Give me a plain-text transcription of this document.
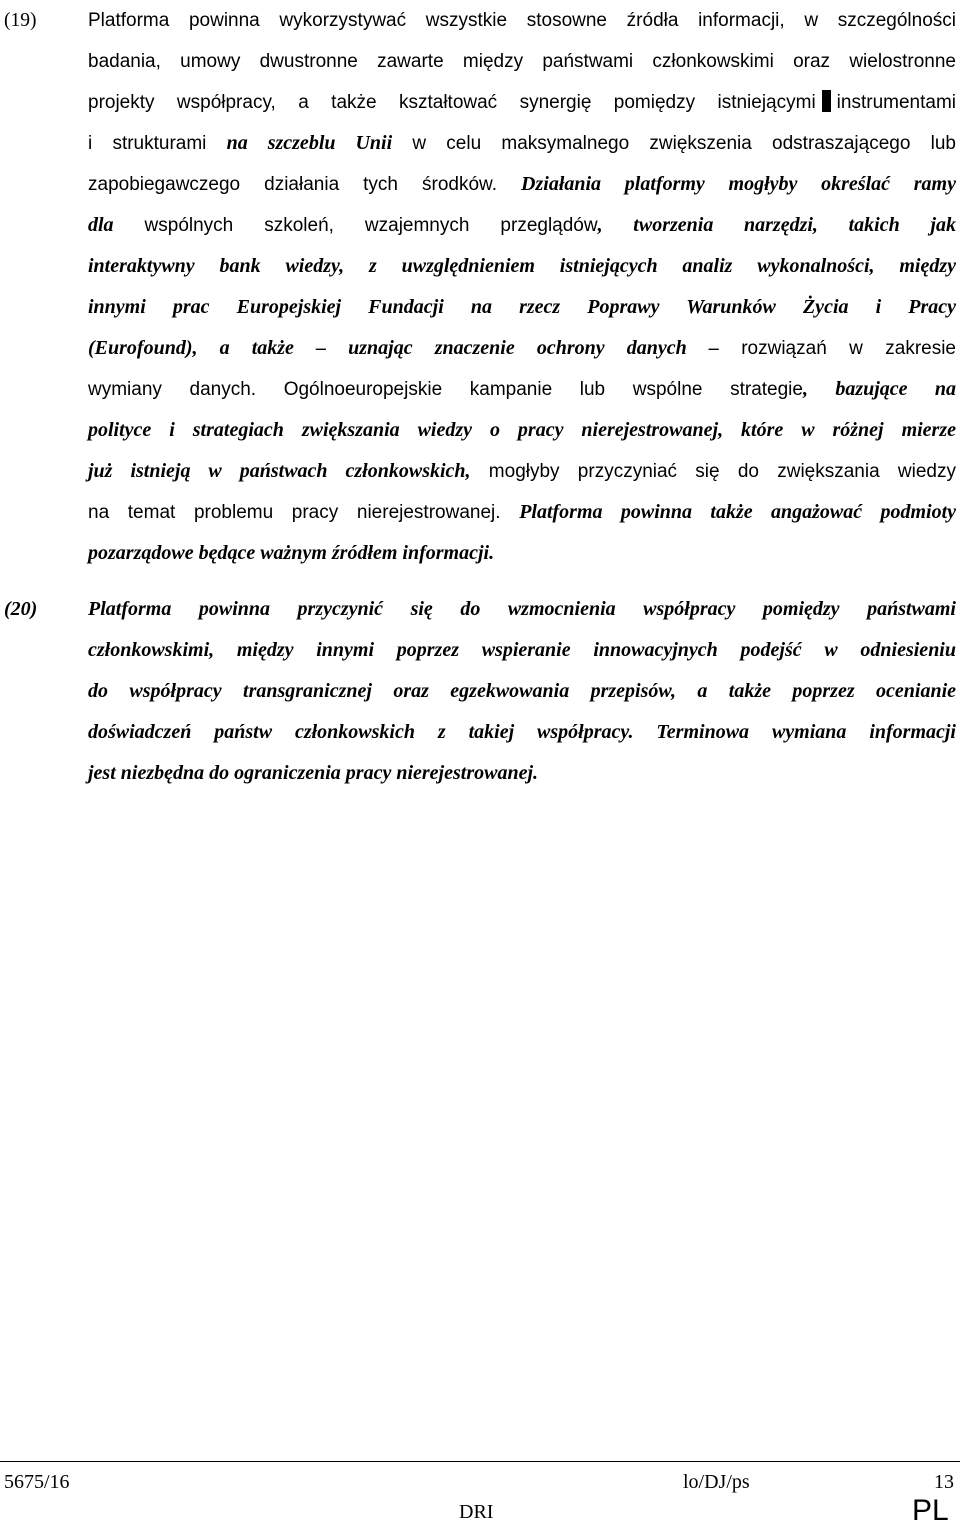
(19)	Platforma powinna wykorzystywać wszystkie stosowne źródła informacji, w szczególności
badania, umowy dwustronne zawarte między państwami członkowskimi oraz wielostronne
projekty współpracy, a także kształtować synergię pomiędzy istniejącymi instrumentami
i strukturami na szczeblu Unii w celu maksymalnego zwiększenia odstraszającego lub
zapobiegawczego działania tych środków. Działania platformy mogłyby określać ramy
dla wspólnych szkoleń, wzajemnych przeglądów, tworzenia narzędzi, takich jak
interaktywny bank wiedzy, z uwzględnieniem istniejących analiz wykonalności, między
innymi prac Europejskiej Fundacji na rzecz Poprawy Warunków Życia i Pracy
(Eurofound), a także – uznając znaczenie ochrony danych – rozwiązań w zakresie
wymiany danych. Ogólnoeuropejskie kampanie lub wspólne strategie, bazujące na
polityce i strategiach zwiększania wiedzy o pracy nierejestrowanej, które w różnej mierze
już istnieją w państwach członkowskich, mogłyby przyczyniać się do zwiększania wiedzy
na temat problemu pracy nierejestrowanej. Platforma powinna także angażować podmioty
pozarządowe będące ważnym źródłem informacji.
(20)	Platforma powinna przyczynić się do wzmocnienia współpracy pomiędzy państwami
członkowskimi, między innymi poprzez wspieranie innowacyjnych podejść w odniesieniu
do współpracy transgranicznej oraz egzekwowania przepisów, a także poprzez ocenianie
doświadczeń państw członkowskich z takiej współpracy. Terminowa wymiana informacji
jest niezbędna do ograniczenia pracy nierejestrowanej.
5675/16	lo/DJ/ps	13
DRI	PL
